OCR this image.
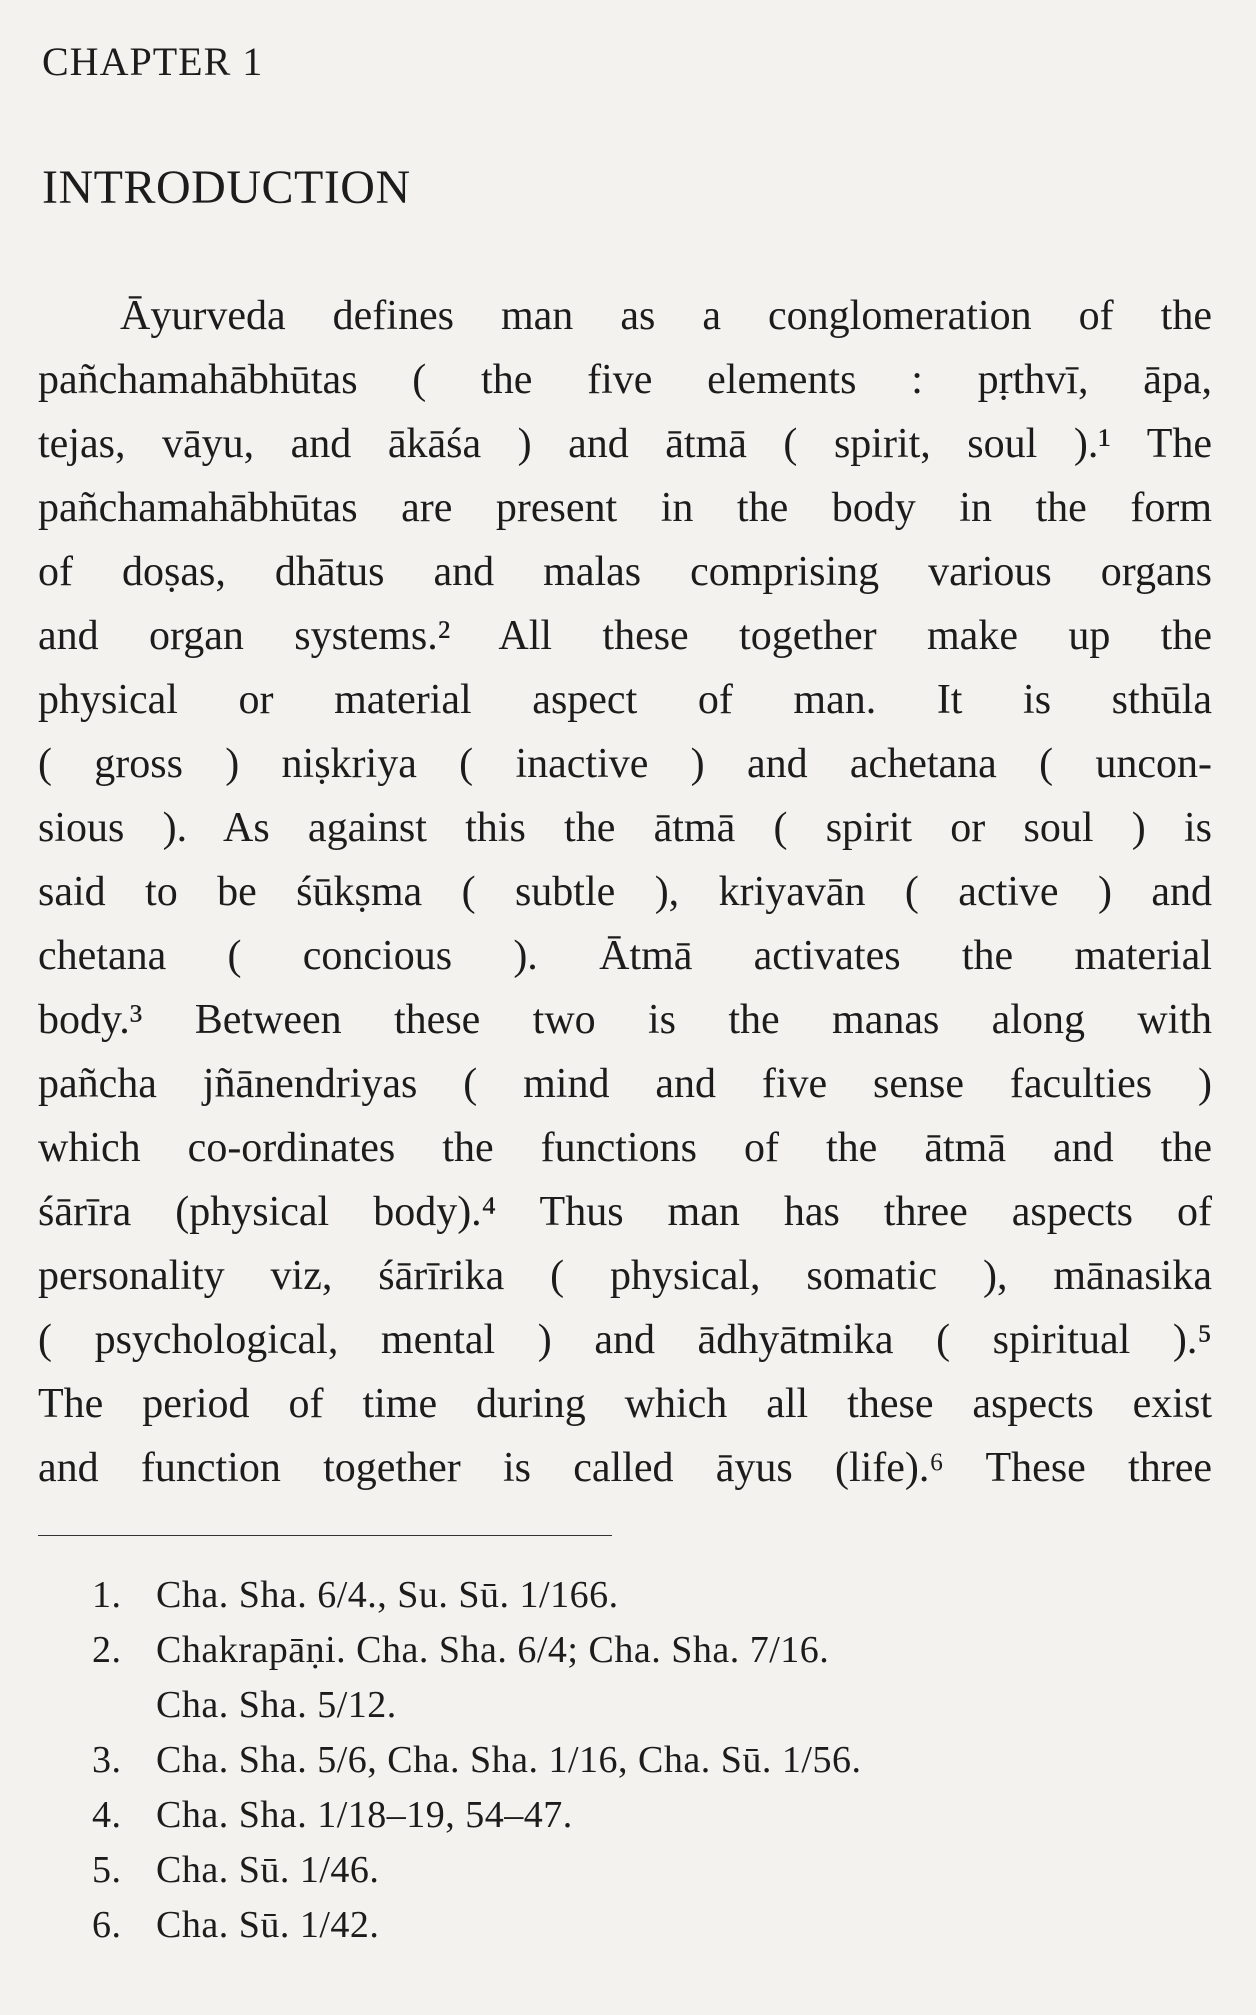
CHAPTER 1
INTRODUCTION
Āyurveda defines man as a conglomeration of the
pañchamahābhūtas ( the five elements : pṛthvī, āpa,
tejas, vāyu, and ākāśa ) and ātmā ( spirit, soul ).¹ The
pañchamahābhūtas are present in the body in the form
of doṣas, dhātus and malas comprising various organs
and organ systems.² All these together make up the
physical or material aspect of man. It is sthūla
( gross ) niṣkriya ( inactive ) and achetana ( uncon-
sious ). As against this the ātmā ( spirit or soul ) is
said to be śūkṣma ( subtle ), kriyavān ( active ) and
chetana ( concious ). Ātmā activates the material
body.³ Between these two is the manas along with
pañcha jñānendriyas ( mind and five sense faculties )
which co-ordinates the functions of the ātmā and the
śārīra (physical body).⁴ Thus man has three aspects of
personality viz, śārīrika ( physical, somatic ), mānasika
( psychological, mental ) and ādhyātmika ( spiritual ).⁵
The period of time during which all these aspects exist
and function together is called āyus (life).⁶ These three
1. Cha. Sha. 6/4., Su. Sū. 1/166.
2. Chakrapāṇi. Cha. Sha. 6/4; Cha. Sha. 7/16.
Cha. Sha. 5/12.
3. Cha. Sha. 5/6, Cha. Sha. 1/16, Cha. Sū. 1/56.
4. Cha. Sha. 1/18–19, 54–47.
5. Cha. Sū. 1/46.
6. Cha. Sū. 1/42.
